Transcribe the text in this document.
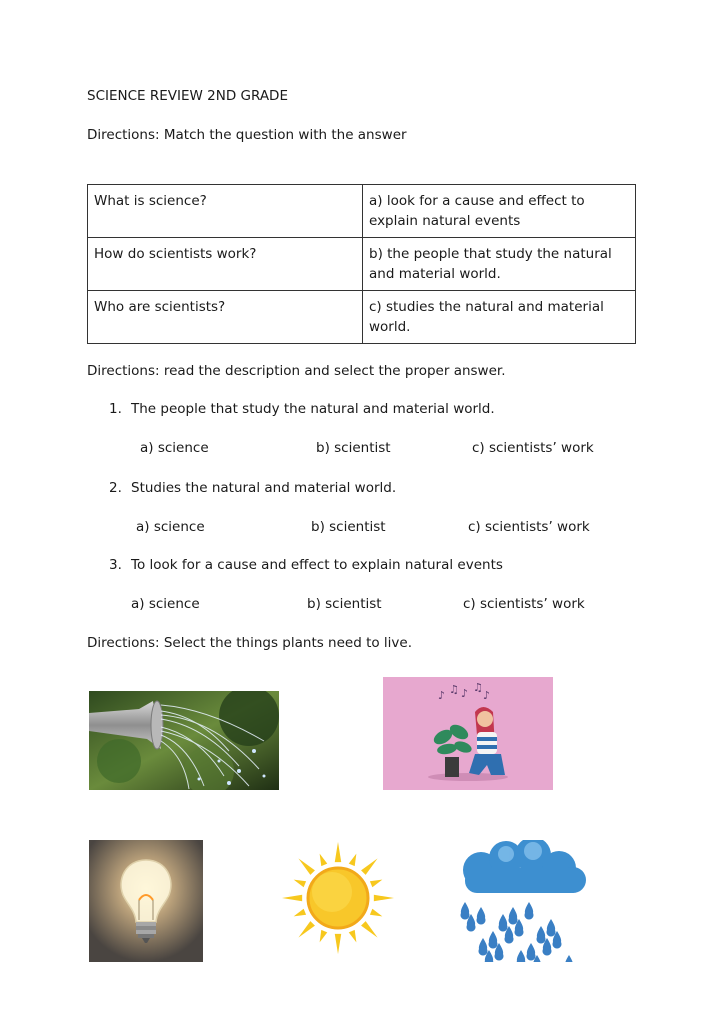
SCIENCE REVIEW 2ND GRADE
Directions: Match the question with the answer
What is science?	a) look for a cause and effect to explain natural events
How do scientists work?	b) the people that study the natural and material world.
Who are scientists?	c) studies the natural and material world.
Directions: read the description and select the proper answer.
1. The people that study the natural and material world.
a) science	b) scientist	c) scientists’ work
2. Studies the natural and material world.
a) science	b) scientist	c) scientists’ work
3. To look for a cause and effect to explain natural events
a) science	b) scientist	c) scientists’ work
Directions: Select the things plants need to live.
♪ ♫ ♪ ♫
♪
